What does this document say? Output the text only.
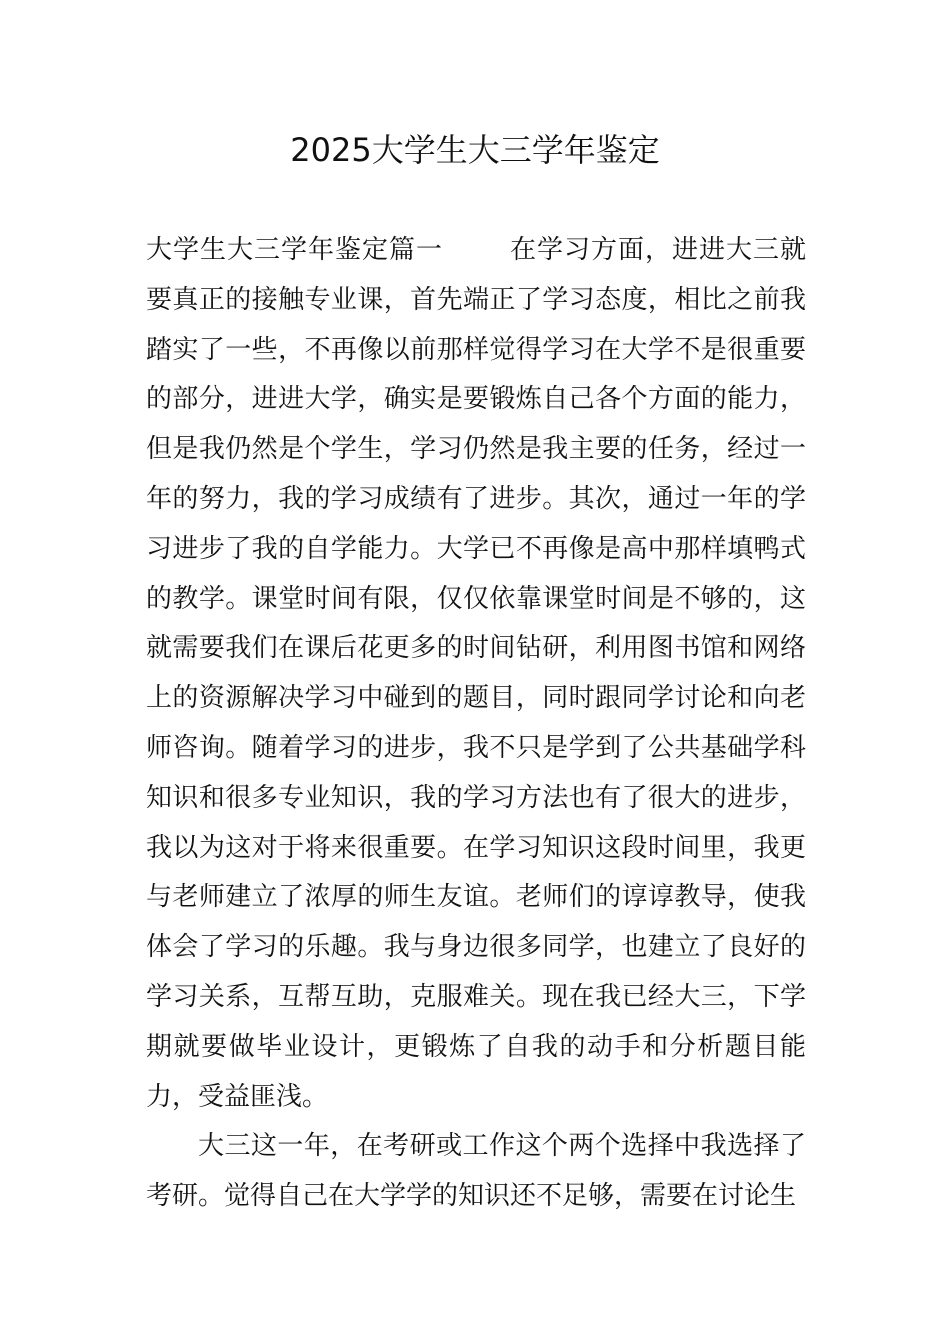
2025大学生大三学年鉴定

大学生大三学年鉴定篇一	在学习方面，进进大三就要真正的接触专业课，首先端正了学习态度，相比之前我踏实了一些，不再像以前那样觉得学习在大学不是很重要的部分，进进大学，确实是要锻炼自己各个方面的能力，但是我仍然是个学生，学习仍然是我主要的任务，经过一年的努力，我的学习成绩有了进步。其次，通过一年的学习进步了我的自学能力。大学已不再像是高中那样填鸭式的教学。课堂时间有限，仅仅依靠课堂时间是不够的，这就需要我们在课后花更多的时间钻研，利用图书馆和网络上的资源解决学习中碰到的题目，同时跟同学讨论和向老师咨询。随着学习的进步，我不只是学到了公共基础学科知识和很多专业知识，我的学习方法也有了很大的进步，我以为这对于将来很重要。在学习知识这段时间里，我更与老师建立了浓厚的师生友谊。老师们的谆谆教导，使我体会了学习的乐趣。我与身边很多同学，也建立了良好的学习关系，互帮互助，克服难关。现在我已经大三，下学期就要做毕业设计，更锻炼了自我的动手和分析题目能力，受益匪浅。

大三这一年，在考研或工作这个两个选择中我选择了考研。觉得自己在大学学的知识还不足够，需要在讨论生
